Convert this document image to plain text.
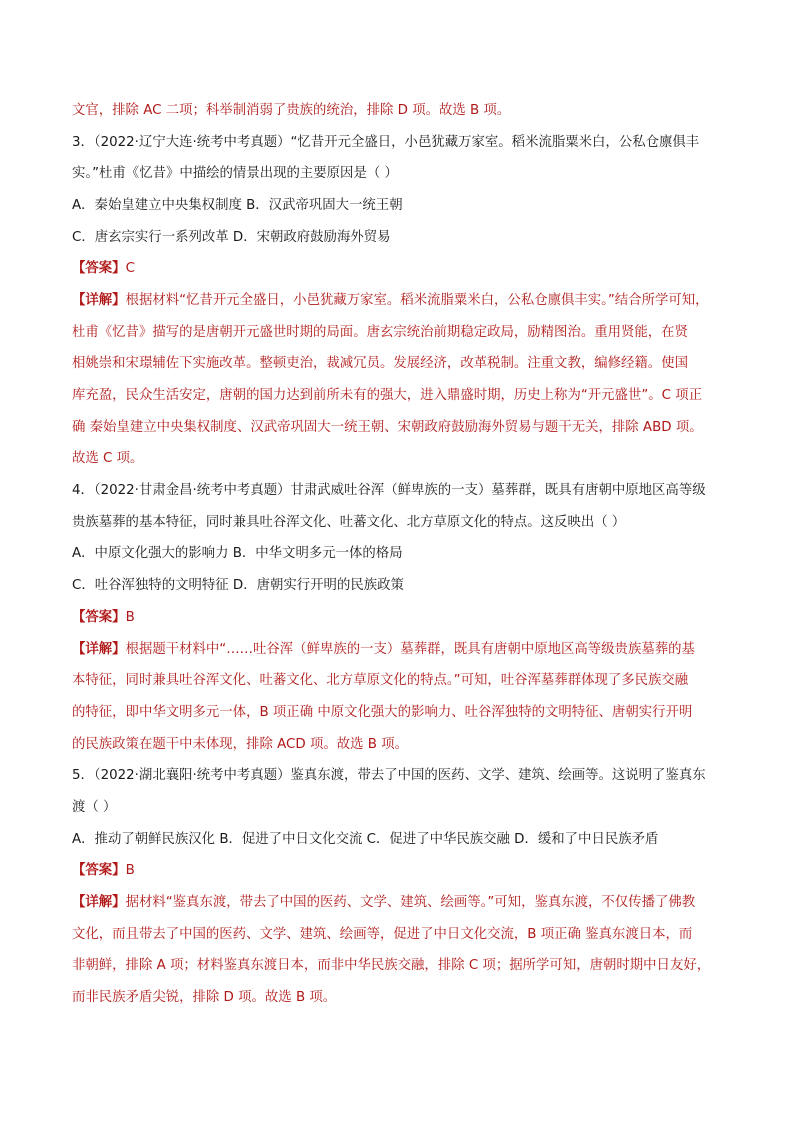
文官，排除 AC 二项；科举制消弱了贵族的统治，排除 D 项。故选 B 项。
3．（2022·辽宁大连·统考中考真题）“忆昔开元全盛日，小邑犹藏万家室。稻米流脂粟米白，公私仓廪俱丰
实。”杜甫《忆昔》中描绘的情景出现的主要原因是（ ）
A．秦始皇建立中央集权制度 B．汉武帝巩固大一统王朝
C．唐玄宗实行一系列改革 D．宋朝政府鼓励海外贸易
【答案】C
【详解】根据材料“忆昔开元全盛日，小邑犹藏万家室。稻米流脂粟米白，公私仓廪俱丰实。”结合所学可知，
杜甫《忆昔》描写的是唐朝开元盛世时期的局面。唐玄宗统治前期稳定政局，励精图治。重用贤能，在贤
相姚崇和宋璟辅佐下实施改革。整顿吏治，裁减冗员。发展经济，改革税制。注重文教，编修经籍。使国
库充盈，民众生活安定，唐朝的国力达到前所未有的强大，进入鼎盛时期，历史上称为“开元盛世”。C 项正
确 秦始皇建立中央集权制度、汉武帝巩固大一统王朝、宋朝政府鼓励海外贸易与题干无关，排除 ABD 项。
故选 C 项。
4．（2022·甘肃金昌·统考中考真题）甘肃武威吐谷浑（鲜卑族的一支）墓葬群，既具有唐朝中原地区高等级
贵族墓葬的基本特征，同时兼具吐谷浑文化、吐蕃文化、北方草原文化的特点。这反映出（ ）
A．中原文化强大的影响力 B．中华文明多元一体的格局
C．吐谷浑独特的文明特征 D．唐朝实行开明的民族政策
【答案】B
【详解】根据题干材料中“……吐谷浑（鲜卑族的一支）墓葬群，既具有唐朝中原地区高等级贵族墓葬的基
本特征，同时兼具吐谷浑文化、吐蕃文化、北方草原文化的特点。”可知，吐谷浑墓葬群体现了多民族交融
的特征，即中华文明多元一体，B 项正确 中原文化强大的影响力、吐谷浑独特的文明特征、唐朝实行开明
的民族政策在题干中未体现，排除 ACD 项。故选 B 项。
5．（2022·湖北襄阳·统考中考真题）鉴真东渡，带去了中国的医药、文学、建筑、绘画等。这说明了鉴真东
渡（ ）
A．推动了朝鲜民族汉化 B．促进了中日文化交流 C．促进了中华民族交融 D．缓和了中日民族矛盾
【答案】B
【详解】据材料“鉴真东渡，带去了中国的医药、文学、建筑、绘画等。”可知，鉴真东渡，不仅传播了佛教
文化，而且带去了中国的医药、文学、建筑、绘画等，促进了中日文化交流，B 项正确 鉴真东渡日本，而
非朝鲜，排除 A 项；材料鉴真东渡日本，而非中华民族交融，排除 C 项；据所学可知，唐朝时期中日友好，
而非民族矛盾尖锐，排除 D 项。故选 B 项。
